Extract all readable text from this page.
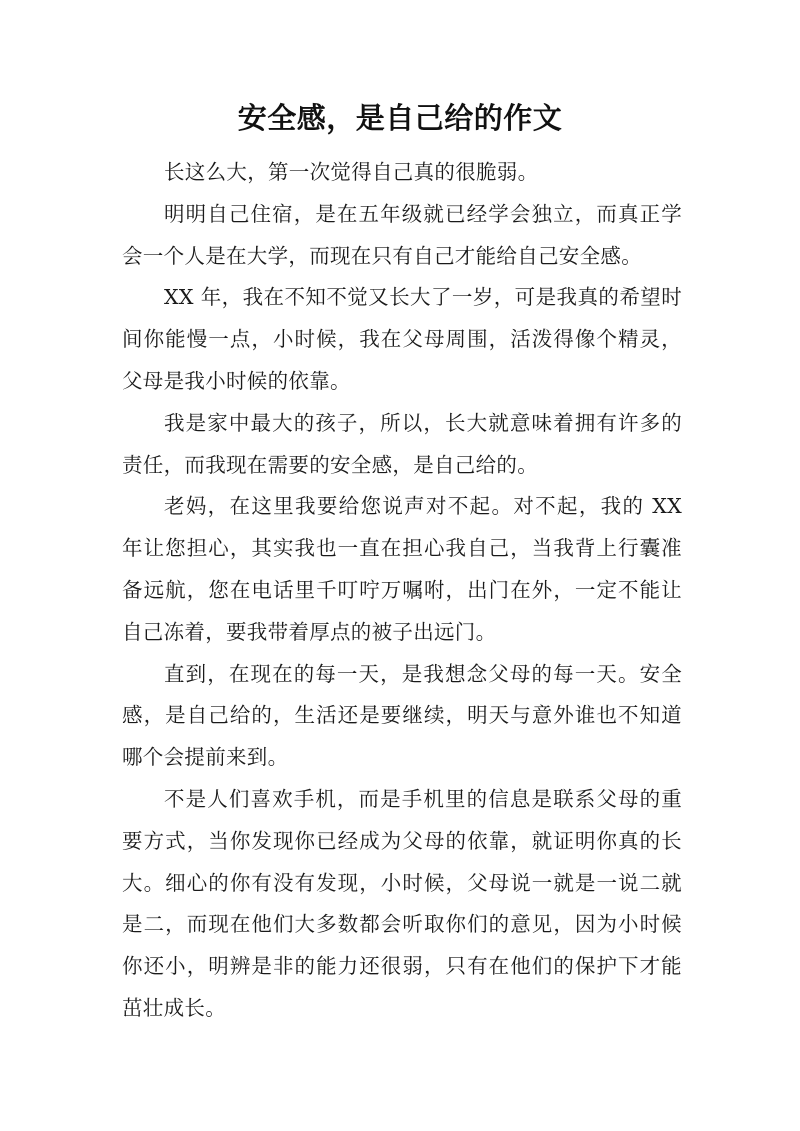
安全感，是自己给的作文

长这么大，第一次觉得自己真的很脆弱。

明明自己住宿，是在五年级就已经学会独立，而真正学会一个人是在大学，而现在只有自己才能给自己安全感。

XX 年，我在不知不觉又长大了一岁，可是我真的希望时间你能慢一点，小时候，我在父母周围，活泼得像个精灵，父母是我小时候的依靠。

我是家中最大的孩子，所以，长大就意味着拥有许多的责任，而我现在需要的安全感，是自己给的。

老妈，在这里我要给您说声对不起。对不起，我的 XX 年让您担心，其实我也一直在担心我自己，当我背上行囊准备远航，您在电话里千叮咛万嘱咐，出门在外，一定不能让自己冻着，要我带着厚点的被子出远门。

直到，在现在的每一天，是我想念父母的每一天。安全感，是自己给的，生活还是要继续，明天与意外谁也不知道哪个会提前来到。

不是人们喜欢手机，而是手机里的信息是联系父母的重要方式，当你发现你已经成为父母的依靠，就证明你真的长大。细心的你有没有发现，小时候，父母说一就是一说二就是二，而现在他们大多数都会听取你们的意见，因为小时候你还小，明辨是非的能力还很弱，只有在他们的保护下才能茁壮成长。
